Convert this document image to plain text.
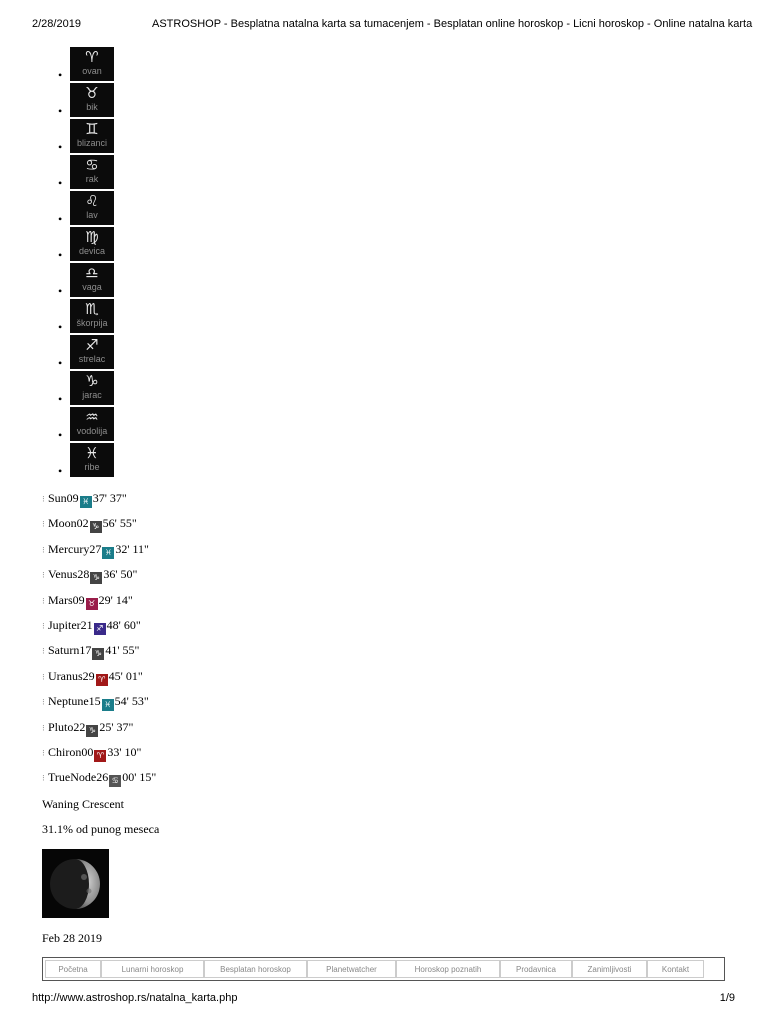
2/28/2019	ASTROSHOP - Besplatna natalna karta sa tumacenjem - Besplatan online horoskop - Licni horoskop - Online natalna karta
♈
ovan
♉
bik
♊
blizanci
♋
rak
♌
lav
♍
devica
♎
vaga
♏
škorpija
♐
strelac
♑
jarac
♒
vodolija
♓
ribe
⁝ Sun09 ♓ 37' 37"
⁝ Moon02 ♑ 56' 55"
⁝ Mercury27 ♓ 32' 11"
⁝ Venus28 ♑ 36' 50"
⁝ Mars09 ♉ 29' 14"
⁝ Jupiter21 ♐ 48' 60"
⁝ Saturn17 ♑ 41' 55"
⁝ Uranus29 ♈ 45' 01"
⁝ Neptune15 ♓ 54' 53"
⁝ Pluto22 ♑ 25' 37"
⁝ Chiron00 ♈ 33' 10"
⁝ TrueNode26 ♋ 00' 15"
Waning Crescent
31.1% od punog meseca
Feb 28 2019
Početna	Lunarni horoskop	Besplatan horoskop	Planetwatcher	Horoskop poznatih	Prodavnica	Zanimljivosti	Kontakt
http://www.astroshop.rs/natalna_karta.php	1/9
